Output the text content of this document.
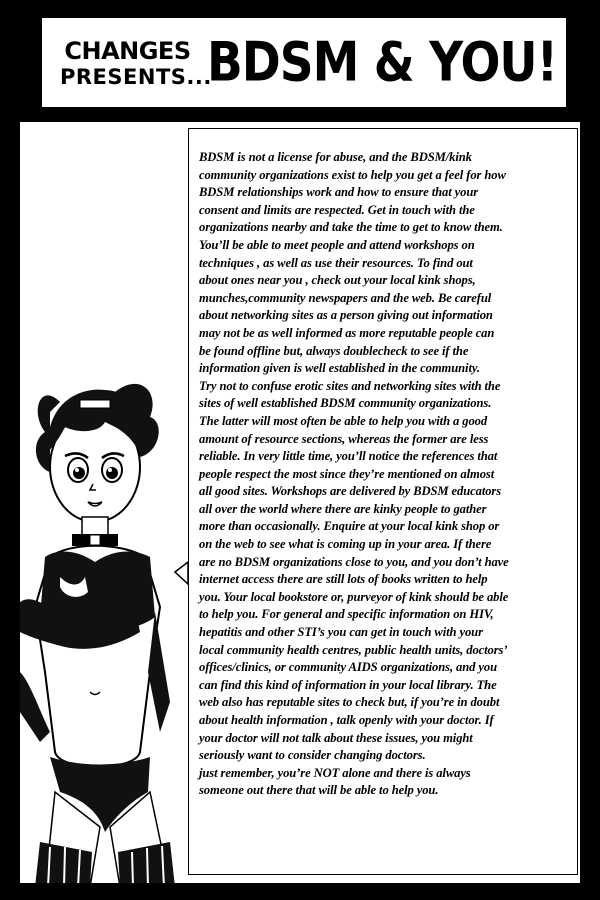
CHANGES
PRESENTS...
BDSM & YOU!

BDSM is not a license for abuse, and the BDSM/kink
community organizations exist to help you get a feel for how
BDSM relationships work and how to ensure that your
consent and limits are respected. Get in touch with the
organizations nearby and take the time to get to know them.
You’ll be able to meet people and attend workshops on
techniques , as well as use their resources. To find out
about ones near you , check out your local kink shops,
munches,community newspapers and the web. Be careful
about networking sites as a person giving out information
may not be as well informed as more reputable people can
be found offline but, always doublecheck to see if the
information given is well established in the community.
Try not to confuse erotic sites and networking sites with the
sites of well established BDSM community organizations.
The latter will most often be able to help you with a good
amount of resource sections, whereas the former are less
reliable. In very little time, you’ll notice the references that
people respect the most since they’re mentioned on almost
all good sites. Workshops are delivered by BDSM educators
all over the world where there are kinky people to gather
more than occasionally. Enquire at your local kink shop or
on the web to see what is coming up in your area. If there
are no BDSM organizations close to you, and you don’t have
internet access there are still lots of books written to help
you. Your local bookstore or, purveyor of kink should be able
to help you. For general and specific information on HIV,
hepatitis and other STI’s you can get in touch with your
local community health centres, public health units, doctors’
offices/clinics, or community AIDS organizations, and you
can find this kind of information in your local library. The
web also has reputable sites to check but, if you’re in doubt
about health information , talk openly with your doctor. If
your doctor will not talk about these issues, you might
seriously want to consider changing doctors.
just remember, you’re NOT alone and there is always
someone out there that will be able to help you.
